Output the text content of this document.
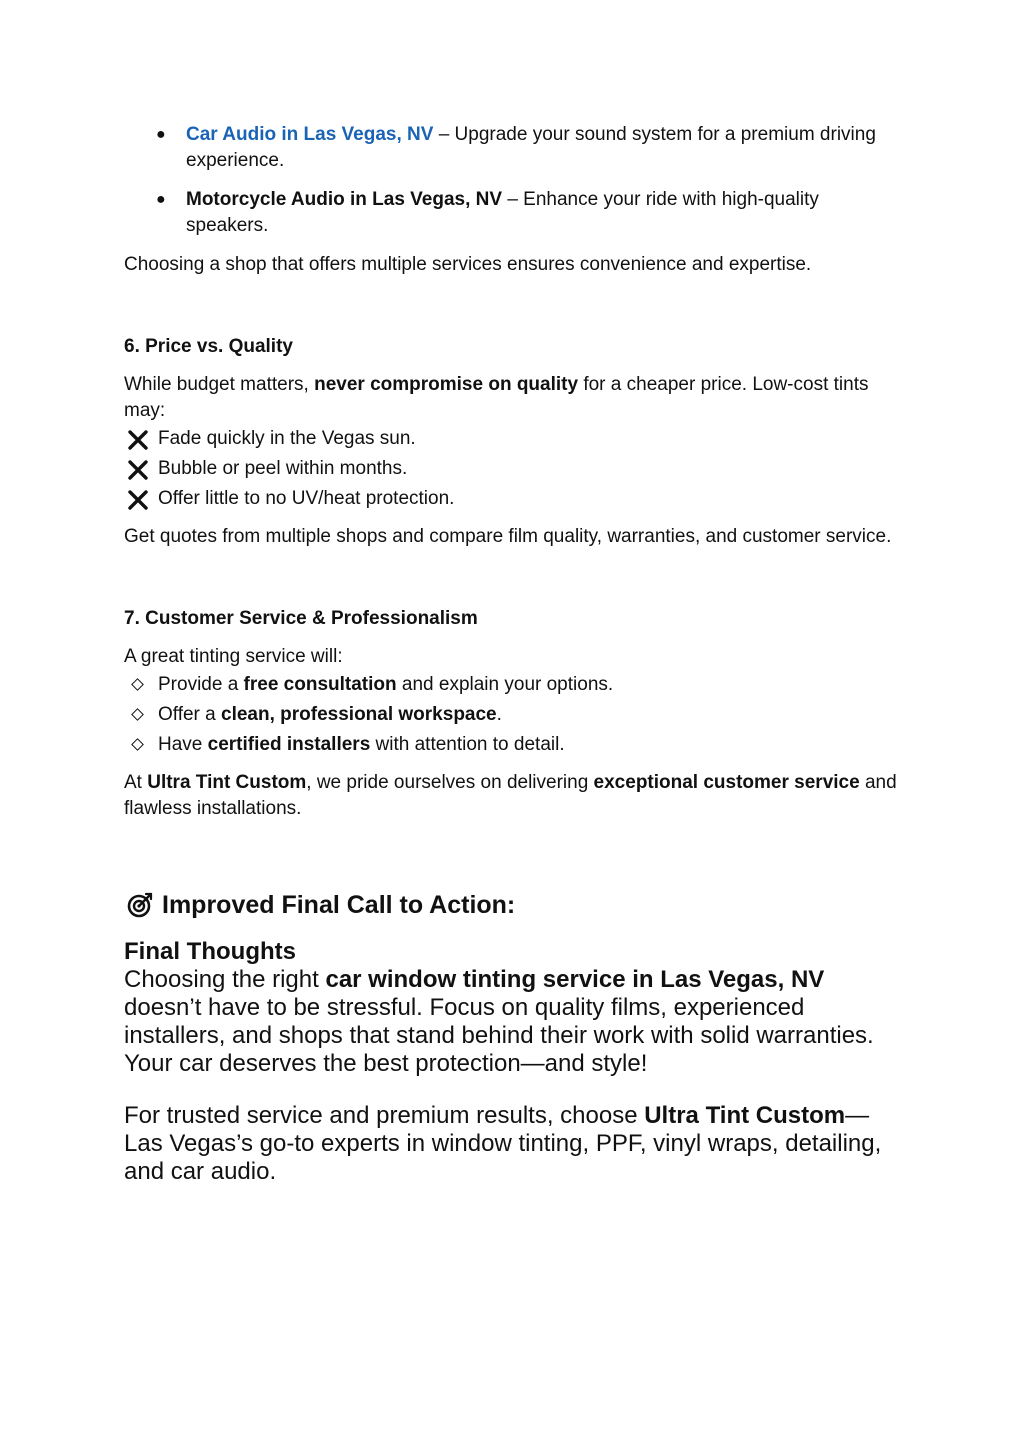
● Car Audio in Las Vegas, NV – Upgrade your sound system for a premium driving experience.
● Motorcycle Audio in Las Vegas, NV – Enhance your ride with high-quality speakers.

Choosing a shop that offers multiple services ensures convenience and expertise.

6. Price vs. Quality

While budget matters, never compromise on quality for a cheaper price. Low-cost tints may:

Fade quickly in the Vegas sun.
Bubble or peel within months.
Offer little to no UV/heat protection.

Get quotes from multiple shops and compare film quality, warranties, and customer service.

7. Customer Service & Professionalism

A great tinting service will:

Provide a free consultation and explain your options.
Offer a clean, professional workspace.
Have certified installers with attention to detail.

At Ultra Tint Custom, we pride ourselves on delivering exceptional customer service and flawless installations.

Improved Final Call to Action:

Final Thoughts

Choosing the right car window tinting service in Las Vegas, NV doesn’t have to be stressful. Focus on quality films, experienced installers, and shops that stand behind their work with solid warranties. Your car deserves the best protection—and style!

For trusted service and premium results, choose Ultra Tint Custom—Las Vegas’s go-to experts in window tinting, PPF, vinyl wraps, detailing, and car audio.
